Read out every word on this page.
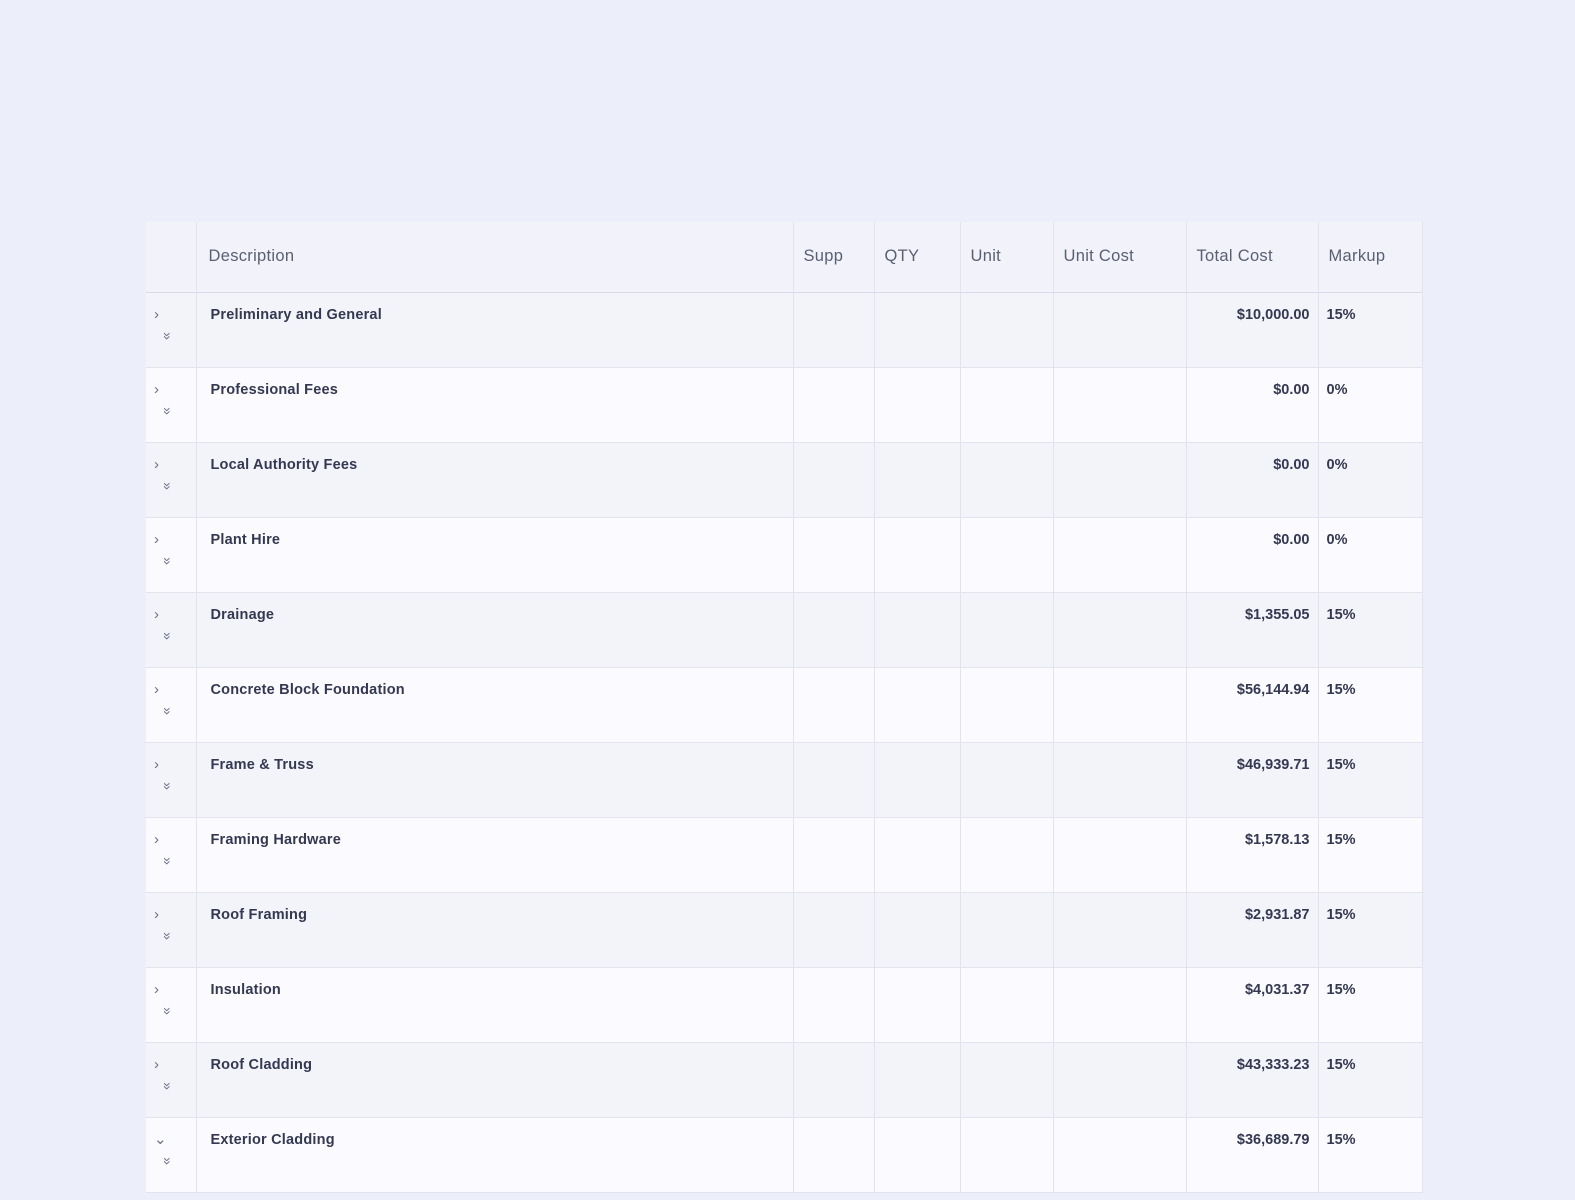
	Description	Supp	QTY	Unit	Unit Cost	Total Cost	Markup

›
»	Preliminary and General					$10,000.00	15%

›
»	Professional Fees					$0.00	0%

›
»	Local Authority Fees					$0.00	0%

›
»	Plant Hire					$0.00	0%

›
»	Drainage					$1,355.05	15%

›
»	Concrete Block Foundation					$56,144.94	15%

›
»	Frame & Truss					$46,939.71	15%

›
»	Framing Hardware					$1,578.13	15%

›
»	Roof Framing					$2,931.87	15%

›
»	Insulation					$4,031.37	15%

›
»	Roof Cladding					$43,333.23	15%

⌄
»	Exterior Cladding					$36,689.79	15%
